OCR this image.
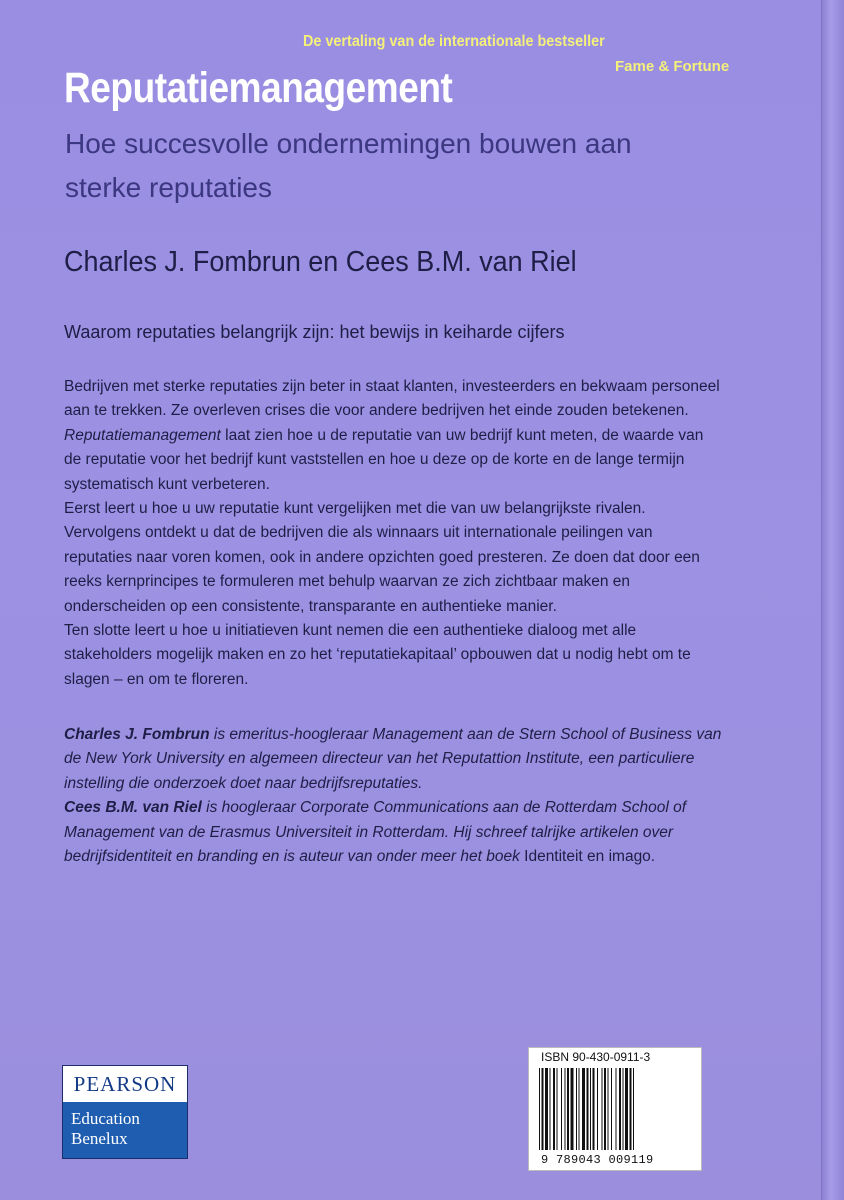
De vertaling van de internationale bestseller
Fame & Fortune
Reputatiemanagement
Hoe succesvolle ondernemingen bouwen aan sterke reputaties
Charles J. Fombrun en Cees B.M. van Riel
Waarom reputaties belangrijk zijn: het bewijs in keiharde cijfers

Bedrijven met sterke reputaties zijn beter in staat klanten, investeerders en bekwaam personeel aan te trekken. Ze overleven crises die voor andere bedrijven het einde zouden betekenen. Reputatiemanagement laat zien hoe u de reputatie van uw bedrijf kunt meten, de waarde van de reputatie voor het bedrijf kunt vaststellen en hoe u deze op de korte en de lange termijn systematisch kunt verbeteren.

Eerst leert u hoe u uw reputatie kunt vergelijken met die van uw belangrijkste rivalen. Vervolgens ontdekt u dat de bedrijven die als winnaars uit internationale peilingen van reputaties naar voren komen, ook in andere opzichten goed presteren. Ze doen dat door een reeks kernprincipes te formuleren met behulp waarvan ze zich zichtbaar maken en onderscheiden op een consistente, transparante en authentieke manier.

Ten slotte leert u hoe u initiatieven kunt nemen die een authentieke dialoog met alle stakeholders mogelijk maken en zo het ‘reputatiekapitaal’ opbouwen dat u nodig hebt om te slagen – en om te floreren.

Charles J. Fombrun is emeritus-hoogleraar Management aan de Stern School of Business van de New York University en algemeen directeur van het Reputattion Institute, een particuliere instelling die onderzoek doet naar bedrijfsreputaties.

Cees B.M. van Riel is hoogleraar Corporate Communications aan de Rotterdam School of Management van de Erasmus Universiteit in Rotterdam. Hij schreef talrijke artikelen over bedrijfsidentiteit en branding en is auteur van onder meer het boek Identiteit en imago.

PEARSON
Education
Benelux
ISBN 90-430-0911-3
9 789043 009119
